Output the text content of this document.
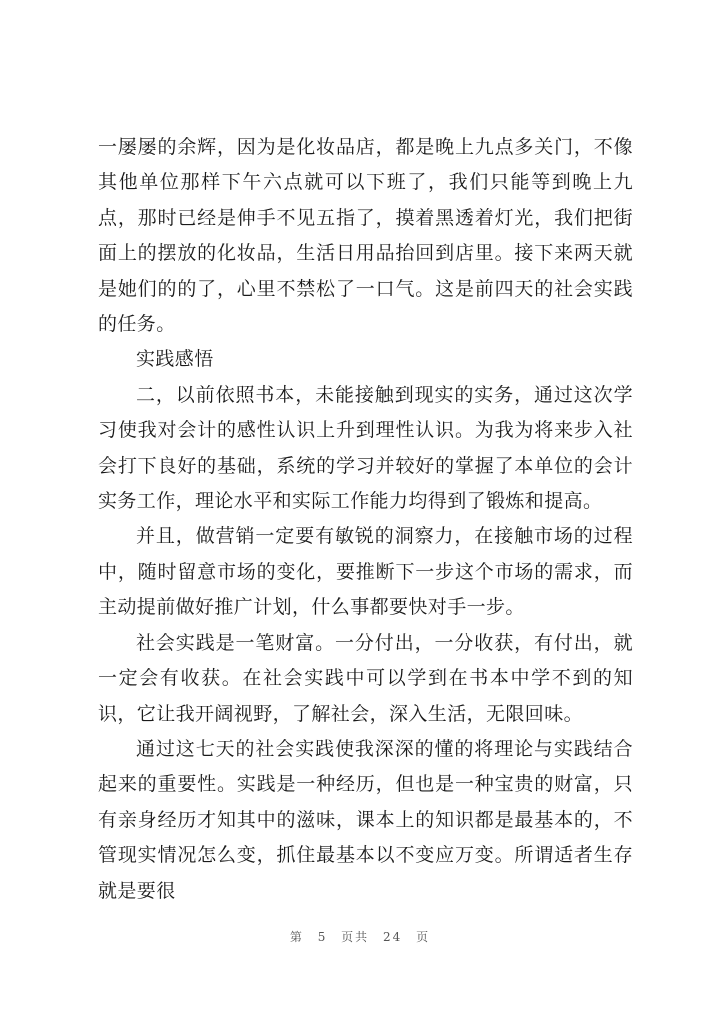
一屡屡的余辉，因为是化妆品店，都是晚上九点多关门，不像其他单位那样下午六点就可以下班了，我们只能等到晚上九点，那时已经是伸手不见五指了，摸着黑透着灯光，我们把街面上的摆放的化妆品，生活日用品抬回到店里。接下来两天就是她们的的了，心里不禁松了一口气。这是前四天的社会实践的任务。

实践感悟

二，以前依照书本，未能接触到现实的实务，通过这次学习使我对会计的感性认识上升到理性认识。为我为将来步入社会打下良好的基础，系统的学习并较好的掌握了本单位的会计实务工作，理论水平和实际工作能力均得到了锻炼和提高。

并且，做营销一定要有敏锐的洞察力，在接触市场的过程中，随时留意市场的变化，要推断下一步这个市场的需求，而主动提前做好推广计划，什么事都要快对手一步。

社会实践是一笔财富。一分付出，一分收获，有付出，就一定会有收获。在社会实践中可以学到在书本中学不到的知识，它让我开阔视野，了解社会，深入生活，无限回味。

通过这七天的社会实践使我深深的懂的将理论与实践结合起来的重要性。实践是一种经历，但也是一种宝贵的财富，只有亲身经历才知其中的滋味，课本上的知识都是最基本的，不管现实情况怎么变，抓住最基本以不变应万变。所谓适者生存就是要很

第 5 页共 24 页
